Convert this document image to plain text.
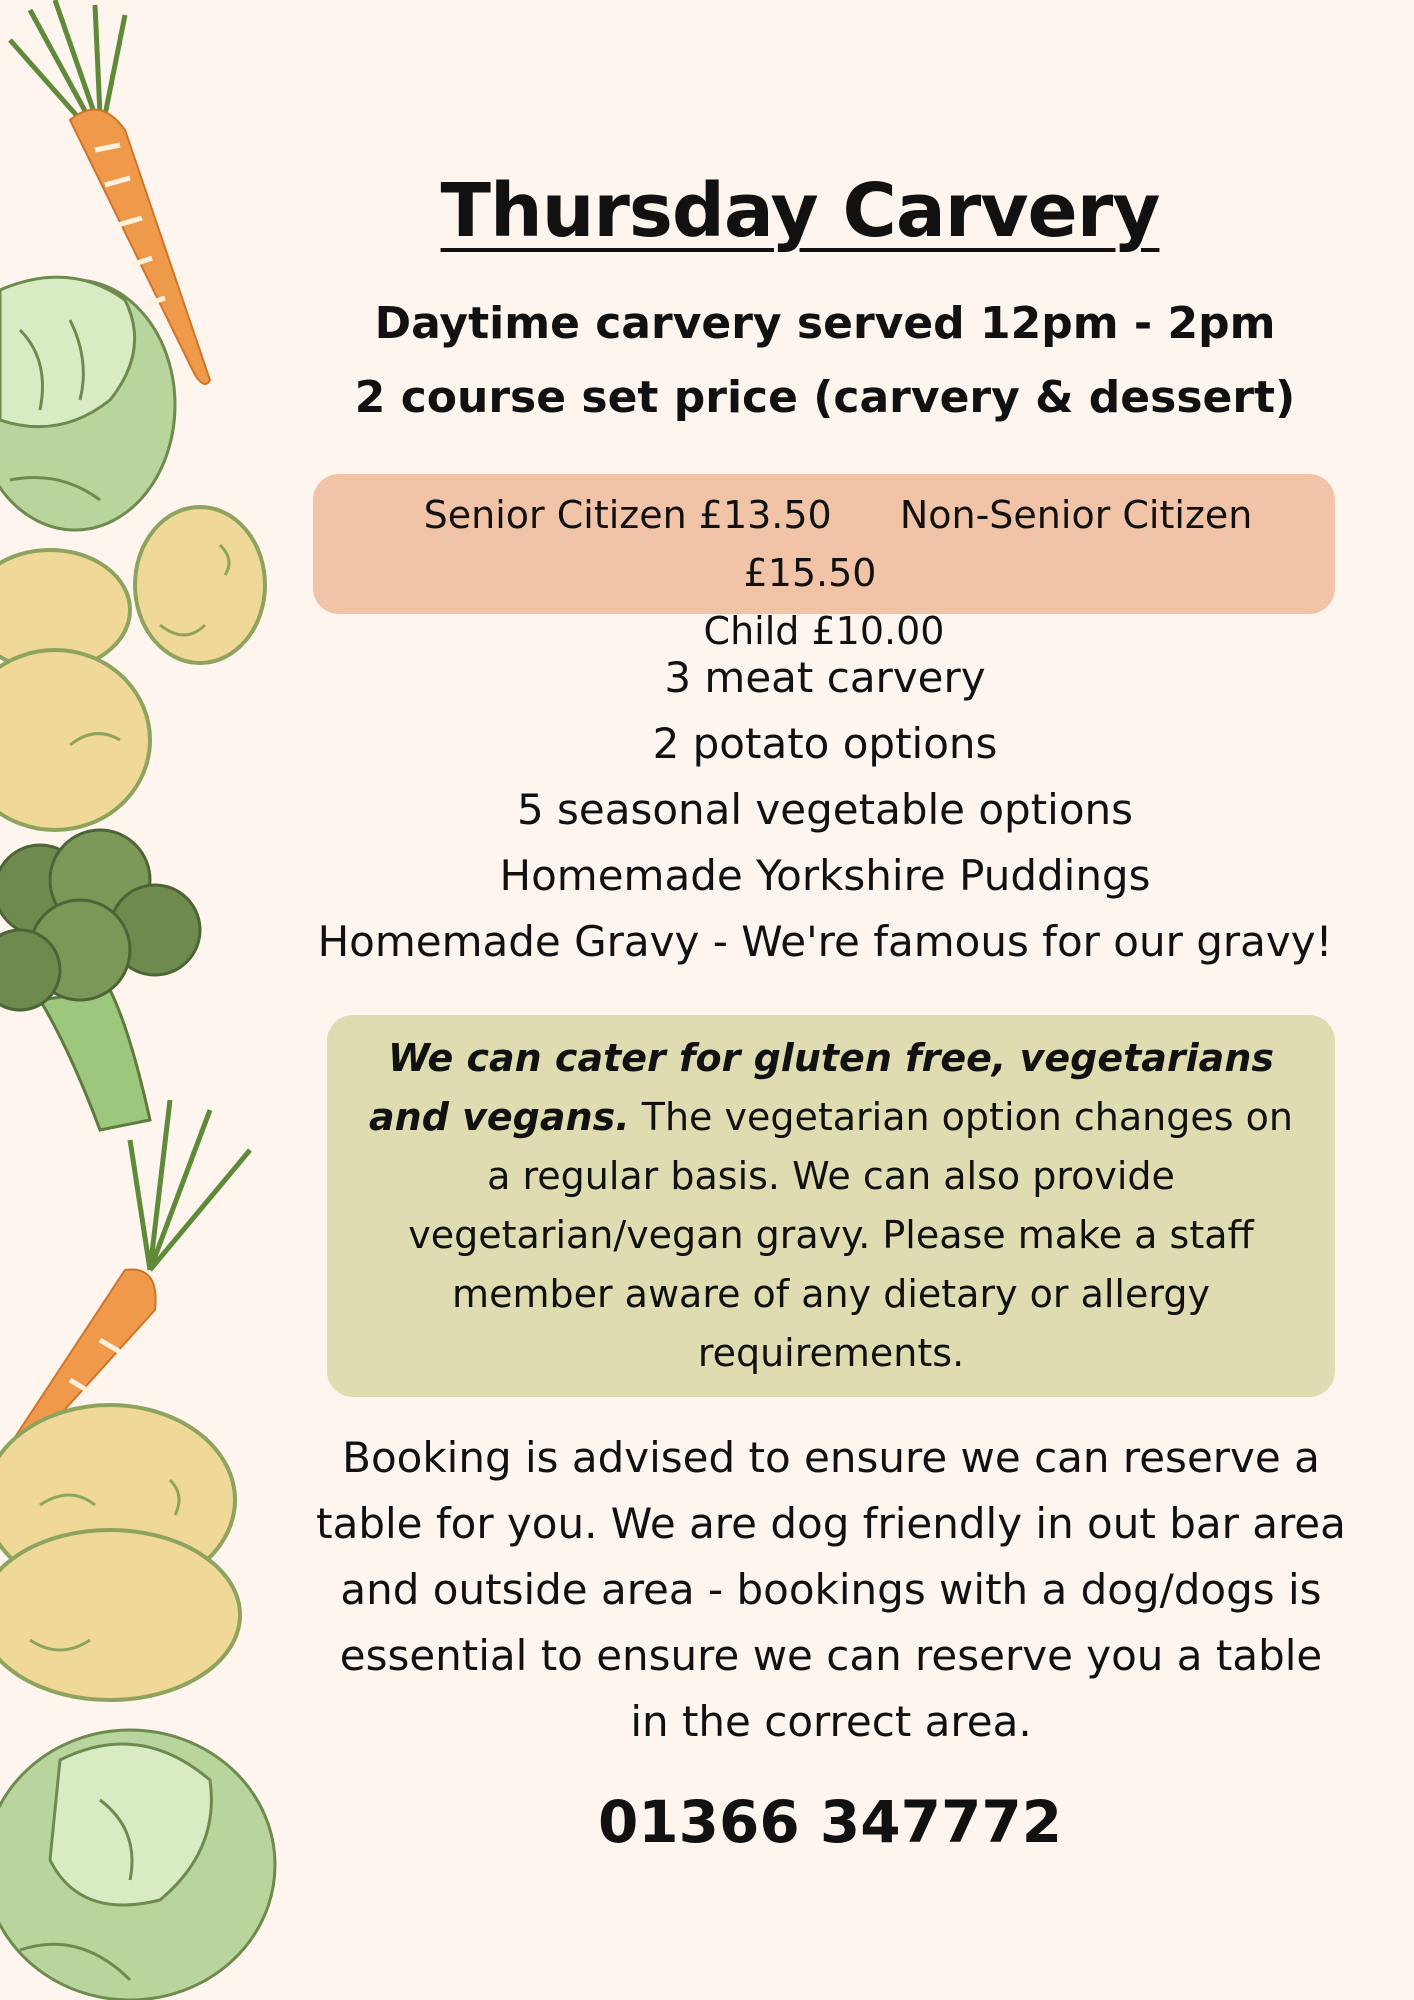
Thursday Carvery
Daytime carvery served 12pm - 2pm
2 course set price (carvery & dessert)
Senior Citizen £13.50 Non-Senior Citizen £15.50
Child £10.00
3 meat carvery
2 potato options
5 seasonal vegetable options
Homemade Yorkshire Puddings
Homemade Gravy - We're famous for our gravy!
We can cater for gluten free, vegetarians and vegans. The vegetarian option changes on a regular basis. We can also provide vegetarian/vegan gravy. Please make a staff member aware of any dietary or allergy requirements.
Booking is advised to ensure we can reserve a table for you. We are dog friendly in out bar area and outside area - bookings with a dog/dogs is essential to ensure we can reserve you a table in the correct area.
01366 347772
